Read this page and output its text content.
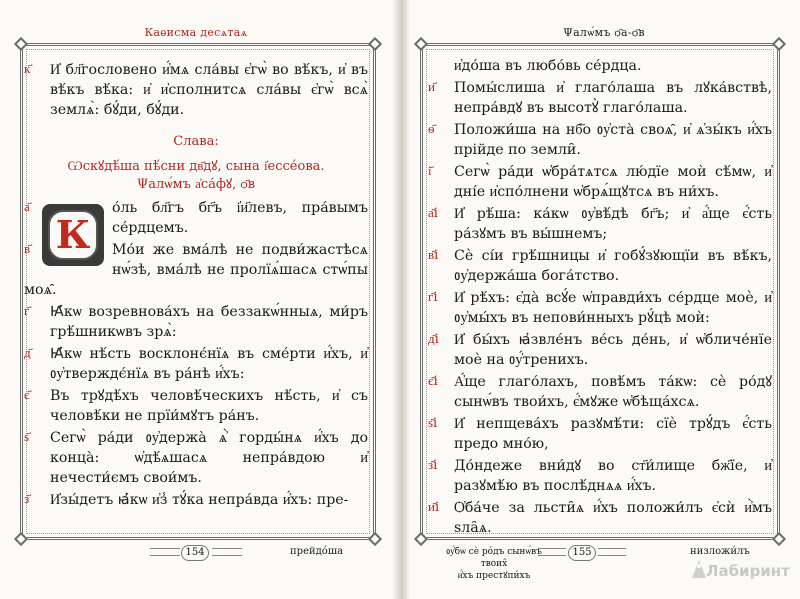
Каѳисма десѧтаѧ
к҃ И҆ бл҃гословено и҆́мѧ сла́вы є҆гѡ̀ во вѣ́къ, и҆ въ вѣ́къ вѣ́ка: и҆ и҆сполнитсѧ сла́вы є҆гѡ̀ всѧ̀ землѧ̀: бꙋ́ди, бꙋ́ди.
Слава:
Ѡскꙋдѣ́ша пѣ́сни дв҃дꙋ, сына і҆ессе́ова.
Ψалѡ́мъ а҆са́фꙋ, ѻ҃в
а҃
К
о́ль бл҃гъ бг҃ъ і҆и҃левъ, пра́вымъ се́рдцемъ.
в҃	Мо́и же вма́лѣ не подви́жастѣсѧ нѡ́зѣ, вма́лѣ не пролїѧ́шасѧ стѡ́пы моѧ̑.
г҃ Ꙗ҆́кѡ возревнова́хъ на беззакѡ́нныѧ, ми́ръ грѣ́шникѡвъ зрѧ̀:
д҃ Ꙗ҆́кѡ нѣ́сть восклонє́нїѧ въ сме́рти и҆́хъ, и҆ ᲂу҆тверждє́нїѧ въ ра́нѣ и҆́хъ:
є҃ Въ трꙋдѣ́хъ человѣ́ческихъ нѣ́сть, и҆ съ человѣ́ки не прїи́мꙋтъ ра́нъ.
ѕ҃ Сегѡ̀ ра́ди ᲂу҆держа̀ ѧ҆̀ горды́нѧ и҆́хъ до конца̀: ѡ҆дѣ́ѧшасѧ непра́вдою и҆ нечести́ємъ свои́мъ.
з҃ И҆зы́детъ ꙗ҆́кѡ и҆з̾ тꙋ́ка непра́вда и҆́хъ: пре-
154	прейдо́ша
Ψалѡ́мъ ѻ҃а-ѻ҃в
и҆до́ша въ любо́вь се́рдца.
и҃ Помы́слиша и҆ глаго́лаша въ лꙋка́вствѣ, непра́вдꙋ въ высотꙋ̀ глаго́лаша.
ѳ҃ Положи́ша на нб҃о ᲂу҆ста̀ своѧ̑, и҆ ѧ҆зы́къ и҆́хъ прійде по земли̑.
і҃ Сегѡ̀ ра́ди ѡ҆бра́тѧтсѧ лю́дїе моѝ сѣ́мѡ, и҆ дні́е и҆спо́лнени ѡ҆брѧ́щꙋтсѧ въ ни́хъ.
а҃і И҆ рѣ́ша: ка́кѡ ᲂу҆вѣ́дѣ бг҃ъ; и҆ а҆́ще є҆́сть ра́зꙋмъ въ вы́шнемъ;
в҃і Сѐ сі́и грѣ́шницы и҆ гобꙋ́зꙋющїи въ вѣ́къ, ᲂу҆держа́ша бога́тство.
г҃і И҆ рѣ́хъ: є҆да̀ всꙋ́е ѡ҆правди́хъ се́рдце моѐ, и҆ ᲂу҆мы́хъ въ непови́нныхъ рꙋ́цѣ моѝ:
д҃і И҆ бы́хъ ꙗ҆звле́нъ ве́сь де́нь, и҆ ѡ҆бличе́нїе моѐ на ᲂу҆́тренихъ.
є҃і А҆́ще глаго́лахъ, повѣ́мъ та́кѡ: сѐ ро́дꙋ сынѡ́въ твои́хъ, є҆́мꙋже ѡ҆бѣща́хсѧ.
ѕ҃і И҆ непщева́хъ разꙋмѣ́ти: сїѐ трꙋ́дъ є҆́сть предо мно́ю,
з҃і До́ндеже вни́дꙋ во ст҃и́лище бж҃їе, и҆ разꙋмѣ́ю въ послѣ́днѧѧ и҆́хъ.
и҃і Ѻ҆ба́че за льсти̑ѧ и҆́хъ положи́лъ є҆сѝ и҆̀мъ ѕла̑ѧ.
ᲂу҆́бѡ сѐ ро́дъ сынѡ́въ твоих̑
и҆́хъ престꙋпи́хъ
155	низложи́лъ
Лабиринт
